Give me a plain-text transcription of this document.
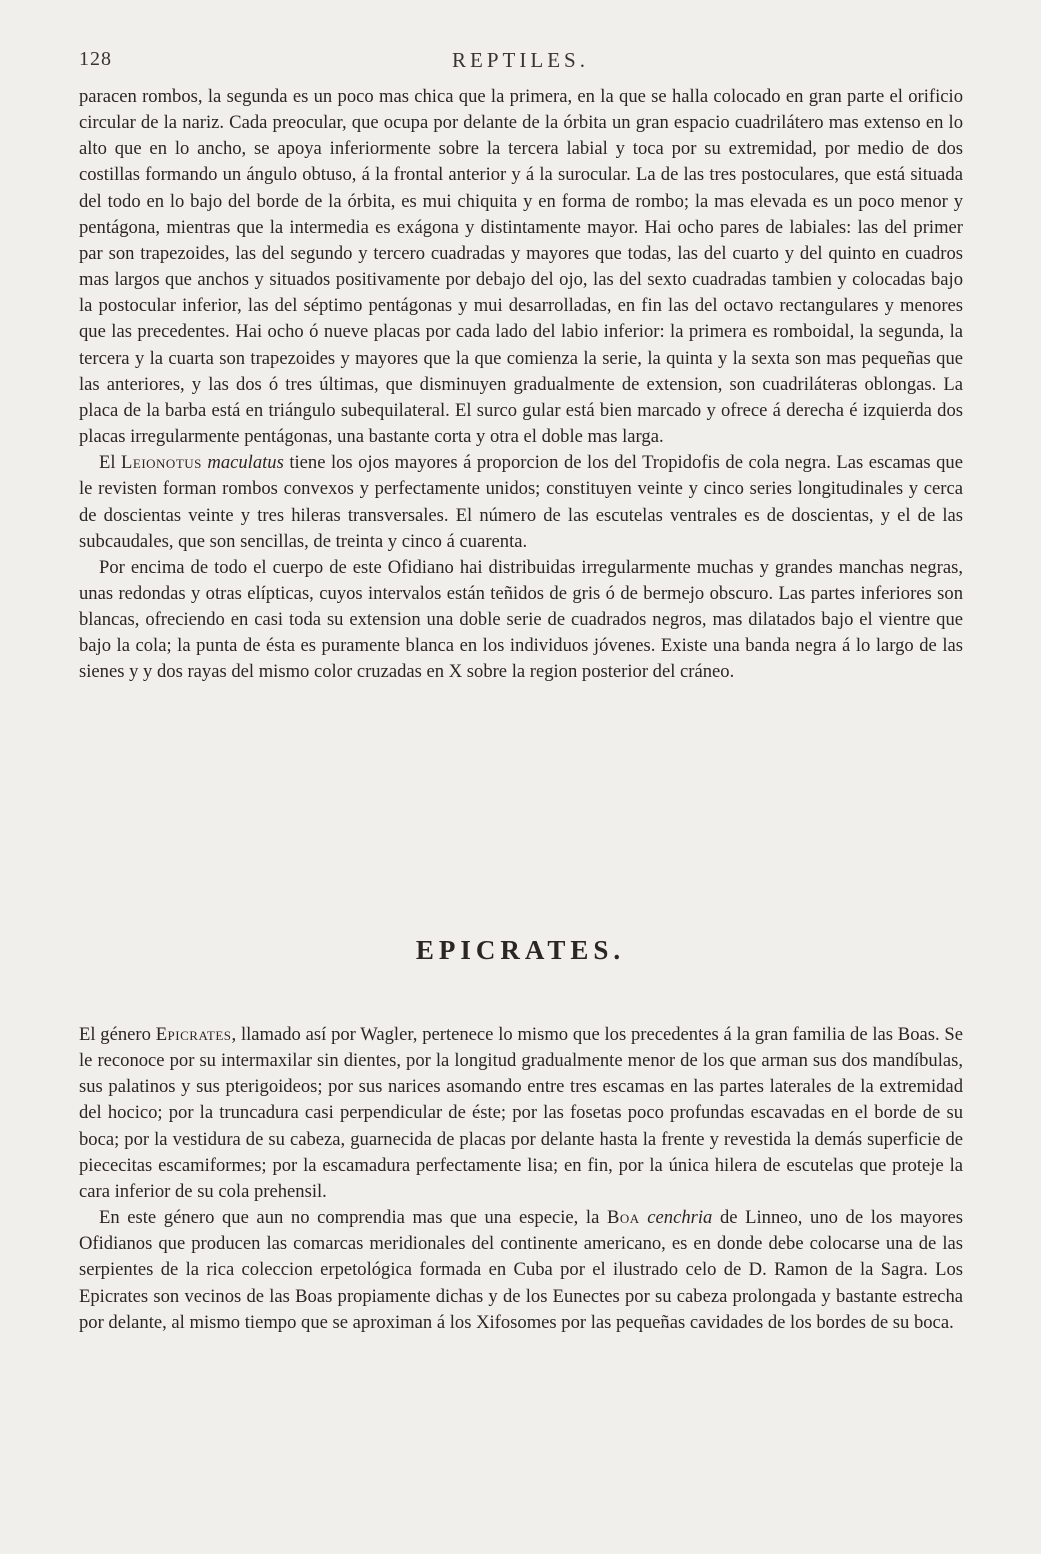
128	REPTILES.

paracen rombos, la segunda es un poco mas chica que la primera, en la que se halla colocado en gran parte el orificio circular de la nariz. Cada preocular, que ocupa por delante de la órbita un gran espacio cuadrilátero mas extenso en lo alto que en lo ancho, se apoya inferiormente sobre la tercera labial y toca por su extremidad, por medio de dos costillas formando un ángulo obtuso, á la frontal anterior y á la surocular. La de las tres postoculares, que está situada del todo en lo bajo del borde de la órbita, es mui chiquita y en forma de rombo; la mas elevada es un poco menor y pentágona, mientras que la intermedia es exágona y distintamente mayor. Hai ocho pares de labiales: las del primer par son trapezoides, las del segundo y tercero cuadradas y mayores que todas, las del cuarto y del quinto en cuadros mas largos que anchos y situados positivamente por debajo del ojo, las del sexto cuadradas tambien y colocadas bajo la postocular inferior, las del séptimo pentágonas y mui desarrolladas, en fin las del octavo rectangulares y menores que las precedentes. Hai ocho ó nueve placas por cada lado del labio inferior: la primera es romboidal, la segunda, la tercera y la cuarta son trapezoides y mayores que la que comienza la serie, la quinta y la sexta son mas pequeñas que las anteriores, y las dos ó tres últimas, que disminuyen gradualmente de extension, son cuadriláteras oblongas. La placa de la barba está en triángulo subequilateral. El surco gular está bien marcado y ofrece á derecha é izquierda dos placas irregularmente pentágonas, una bastante corta y otra el doble mas larga.

El Leionotus maculatus tiene los ojos mayores á proporcion de los del Tropidofis de cola negra. Las escamas que le revisten forman rombos convexos y perfectamente unidos; constituyen veinte y cinco series longitudinales y cerca de doscientas veinte y tres hileras transversales. El número de las escutelas ventrales es de doscientas, y el de las subcaudales, que son sencillas, de treinta y cinco á cuarenta.

Por encima de todo el cuerpo de este Ofidiano hai distribuidas irregularmente muchas y grandes manchas negras, unas redondas y otras elípticas, cuyos intervalos están teñidos de gris ó de bermejo obscuro. Las partes inferiores son blancas, ofreciendo en casi toda su extension una doble serie de cuadrados negros, mas dilatados bajo el vientre que bajo la cola; la punta de ésta es puramente blanca en los individuos jóvenes. Existe una banda negra á lo largo de las sienes y y dos rayas del mismo color cruzadas en X sobre la region posterior del cráneo.

EPICRATES.

El género Epicrates, llamado así por Wagler, pertenece lo mismo que los precedentes á la gran familia de las Boas. Se le reconoce por su intermaxilar sin dientes, por la longitud gradualmente menor de los que arman sus dos mandíbulas, sus palatinos y sus pterigoideos; por sus narices asomando entre tres escamas en las partes laterales de la extremidad del hocico; por la truncadura casi perpendicular de éste; por las fosetas poco profundas escavadas en el borde de su boca; por la vestidura de su cabeza, guarnecida de placas por delante hasta la frente y revestida la demás superficie de piececitas escamiformes; por la escamadura perfectamente lisa; en fin, por la única hilera de escutelas que proteje la cara inferior de su cola prehensil.

En este género que aun no comprendia mas que una especie, la Boa cenchria de Linneo, uno de los mayores Ofidianos que producen las comarcas meridionales del continente americano, es en donde debe colocarse una de las serpientes de la rica coleccion erpetológica formada en Cuba por el ilustrado celo de D. Ramon de la Sagra. Los Epicrates son vecinos de las Boas propiamente dichas y de los Eunectes por su cabeza prolongada y bastante estrecha por delante, al mismo tiempo que se aproximan á los Xifosomes por las pequeñas cavidades de los bordes de su boca.
